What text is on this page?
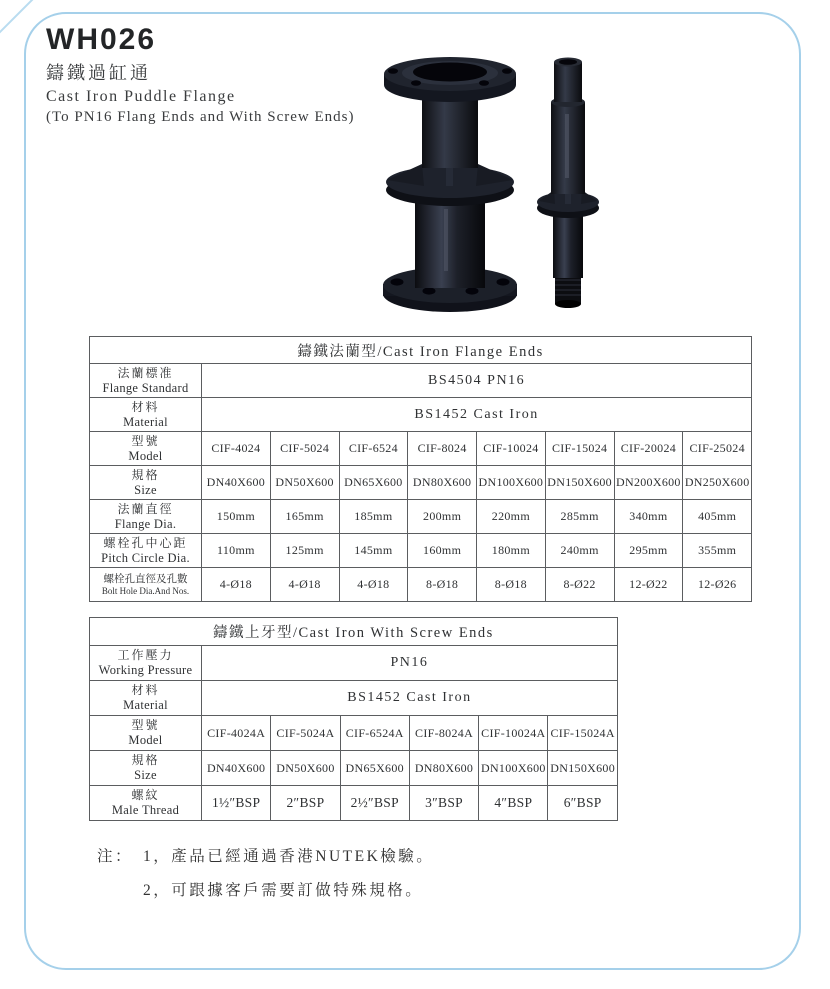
WH026
鑄鐵過缸通
Cast Iron Puddle Flange
(To PN16 Flang Ends and With Screw Ends)
鑄鐵法蘭型/Cast Iron Flange Ends								

法蘭標准
Flange Standard	BS4504 PN16							

材料
Material	BS1452 Cast Iron							

型號
Model	CIF-4024	CIF-5024	CIF-6524	CIF-8024	CIF-10024	CIF-15024	CIF-20024	CIF-25024

規格
Size	DN40X600	DN50X600	DN65X600	DN80X600	DN100X600	DN150X600	DN200X600	DN250X600

法蘭直徑
Flange Dia.	150mm	165mm	185mm	200mm	220mm	285mm	340mm	405mm

螺栓孔中心距
Pitch Circle Dia.	110mm	125mm	145mm	160mm	180mm	240mm	295mm	355mm

螺栓孔直徑及孔數
Bolt Hole Dia.And Nos.	4-Ø18	4-Ø18	4-Ø18	8-Ø18	8-Ø18	8-Ø22	12-Ø22	12-Ø26
鑄鐵上牙型/Cast Iron With Screw Ends						

工作壓力
Working Pressure	PN16					

材料
Material	BS1452 Cast Iron					

型號
Model	CIF-4024A	CIF-5024A	CIF-6524A	CIF-8024A	CIF-10024A	CIF-15024A

規格
Size	DN40X600	DN50X600	DN65X600	DN80X600	DN100X600	DN150X600

螺紋
Male Thread	1½″BSP	2″BSP	2½″BSP	3″BSP	4″BSP	6″BSP
注： 1，產品已經通過香港NUTEK檢驗。
2，可跟據客戶需要訂做特殊規格。
